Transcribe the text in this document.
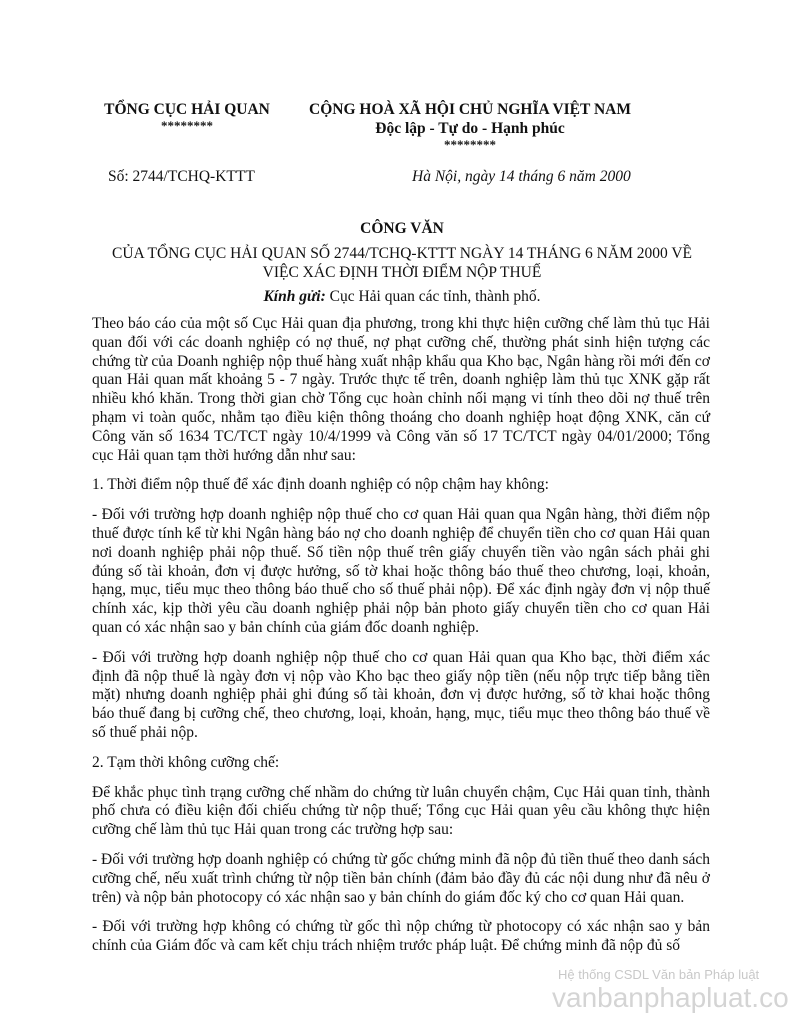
TỔNG CỤC HẢI QUAN
********
CỘNG HOÀ XÃ HỘI CHỦ NGHĨA VIỆT NAM
Độc lập - Tự do - Hạnh phúc
********
Số: 2744/TCHQ-KTTT	Hà Nội, ngày 14 tháng 6 năm 2000
CÔNG VĂN
CỦA TỔNG CỤC HẢI QUAN SỐ 2744/TCHQ-KTTT NGÀY 14 THÁNG 6 NĂM 2000 VỀ VIỆC XÁC ĐỊNH THỜI ĐIỂM NỘP THUẾ
Kính gửi: Cục Hải quan các tỉnh, thành phố.

Theo báo cáo của một số Cục Hải quan địa phương, trong khi thực hiện cưỡng chế làm thủ tục Hải quan đối với các doanh nghiệp có nợ thuế, nợ phạt cưỡng chế, thường phát sinh hiện tượng các chứng từ của Doanh nghiệp nộp thuế hàng xuất nhập khẩu qua Kho bạc, Ngân hàng rồi mới đến cơ quan Hải quan mất khoảng 5 - 7 ngày. Trước thực tế trên, doanh nghiệp làm thủ tục XNK gặp rất nhiều khó khăn. Trong thời gian chờ Tổng cục hoàn chỉnh nối mạng vi tính theo dõi nợ thuế trên phạm vi toàn quốc, nhằm tạo điều kiện thông thoáng cho doanh nghiệp hoạt động XNK, căn cứ Công văn số 1634 TC/TCT ngày 10/4/1999 và Công văn số 17 TC/TCT ngày 04/01/2000; Tổng cục Hải quan tạm thời hướng dẫn như sau:

1. Thời điểm nộp thuế để xác định doanh nghiệp có nộp chậm hay không:

- Đối với trường hợp doanh nghiệp nộp thuế cho cơ quan Hải quan qua Ngân hàng, thời điểm nộp thuế được tính kể từ khi Ngân hàng báo nợ cho doanh nghiệp để chuyển tiền cho cơ quan Hải quan nơi doanh nghiệp phải nộp thuế. Số tiền nộp thuế trên giấy chuyển tiền vào ngân sách phải ghi đúng số tài khoản, đơn vị được hưởng, số tờ khai hoặc thông báo thuế theo chương, loại, khoản, hạng, mục, tiểu mục theo thông báo thuế cho số thuế phải nộp). Để xác định ngày đơn vị nộp thuế chính xác, kịp thời yêu cầu doanh nghiệp phải nộp bản photo giấy chuyển tiền cho cơ quan Hải quan có xác nhận sao y bản chính của giám đốc doanh nghiệp.

- Đối với trường hợp doanh nghiệp nộp thuế cho cơ quan Hải quan qua Kho bạc, thời điểm xác định đã nộp thuế là ngày đơn vị nộp vào Kho bạc theo giấy nộp tiền (nếu nộp trực tiếp bằng tiền mặt) nhưng doanh nghiệp phải ghi đúng số tài khoản, đơn vị được hưởng, số tờ khai hoặc thông báo thuế đang bị cưỡng chế, theo chương, loại, khoản, hạng, mục, tiểu mục theo thông báo thuế về số thuế phải nộp.

2. Tạm thời không cưỡng chế:

Để khắc phục tình trạng cưỡng chế nhầm do chứng từ luân chuyển chậm, Cục Hải quan tỉnh, thành phố chưa có điều kiện đối chiếu chứng từ nộp thuế; Tổng cục Hải quan yêu cầu không thực hiện cưỡng chế làm thủ tục Hải quan trong các trường hợp sau:

- Đối với trường hợp doanh nghiệp có chứng từ gốc chứng minh đã nộp đủ tiền thuế theo danh sách cưỡng chế, nếu xuất trình chứng từ nộp tiền bản chính (đảm bảo đầy đủ các nội dung như đã nêu ở trên) và nộp bản photocopy có xác nhận sao y bản chính do giám đốc ký cho cơ quan Hải quan.

- Đối với trường hợp không có chứng từ gốc thì nộp chứng từ photocopy có xác nhận sao y bản chính của Giám đốc và cam kết chịu trách nhiệm trước pháp luật. Để chứng minh đã nộp đủ số

Hệ thống CSDL Văn bản Pháp luật
vanbanphapluat.co
